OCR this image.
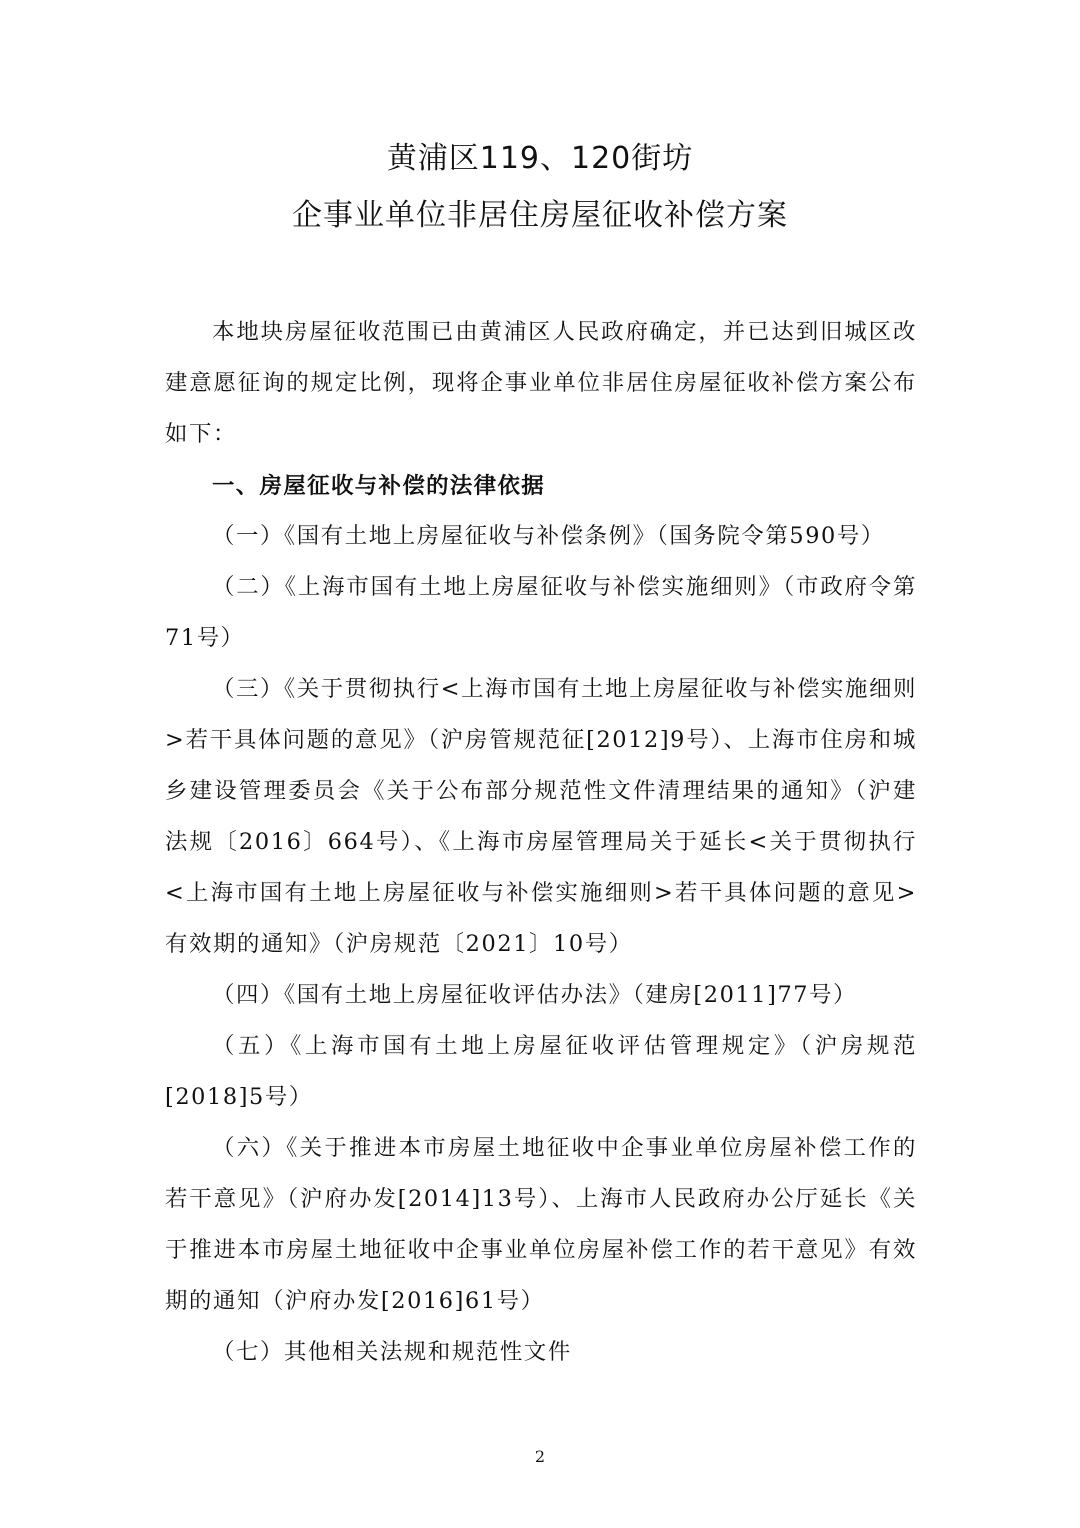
黄浦区119、120街坊
企事业单位非居住房屋征收补偿方案

本地块房屋征收范围已由黄浦区人民政府确定，并已达到旧城区改建意愿征询的规定比例，现将企事业单位非居住房屋征收补偿方案公布如下：

一、房屋征收与补偿的法律依据

（一）《国有土地上房屋征收与补偿条例》（国务院令第590号）

（二）《上海市国有土地上房屋征收与补偿实施细则》（市政府令第71号）

（三）《关于贯彻执行<上海市国有土地上房屋征收与补偿实施细则>若干具体问题的意见》（沪房管规范征[2012]9号）、上海市住房和城乡建设管理委员会《关于公布部分规范性文件清理结果的通知》（沪建法规〔2016〕664号）、《上海市房屋管理局关于延长<关于贯彻执行<上海市国有土地上房屋征收与补偿实施细则>若干具体问题的意见>有效期的通知》（沪房规范〔2021〕10号）

（四）《国有土地上房屋征收评估办法》（建房[2011]77号）

（五）《上海市国有土地上房屋征收评估管理规定》（沪房规范[2018]5号）

（六）《关于推进本市房屋土地征收中企事业单位房屋补偿工作的若干意见》（沪府办发[2014]13号）、上海市人民政府办公厅延长《关于推进本市房屋土地征收中企事业单位房屋补偿工作的若干意见》有效期的通知（沪府办发[2016]61号）

（七）其他相关法规和规范性文件

2
